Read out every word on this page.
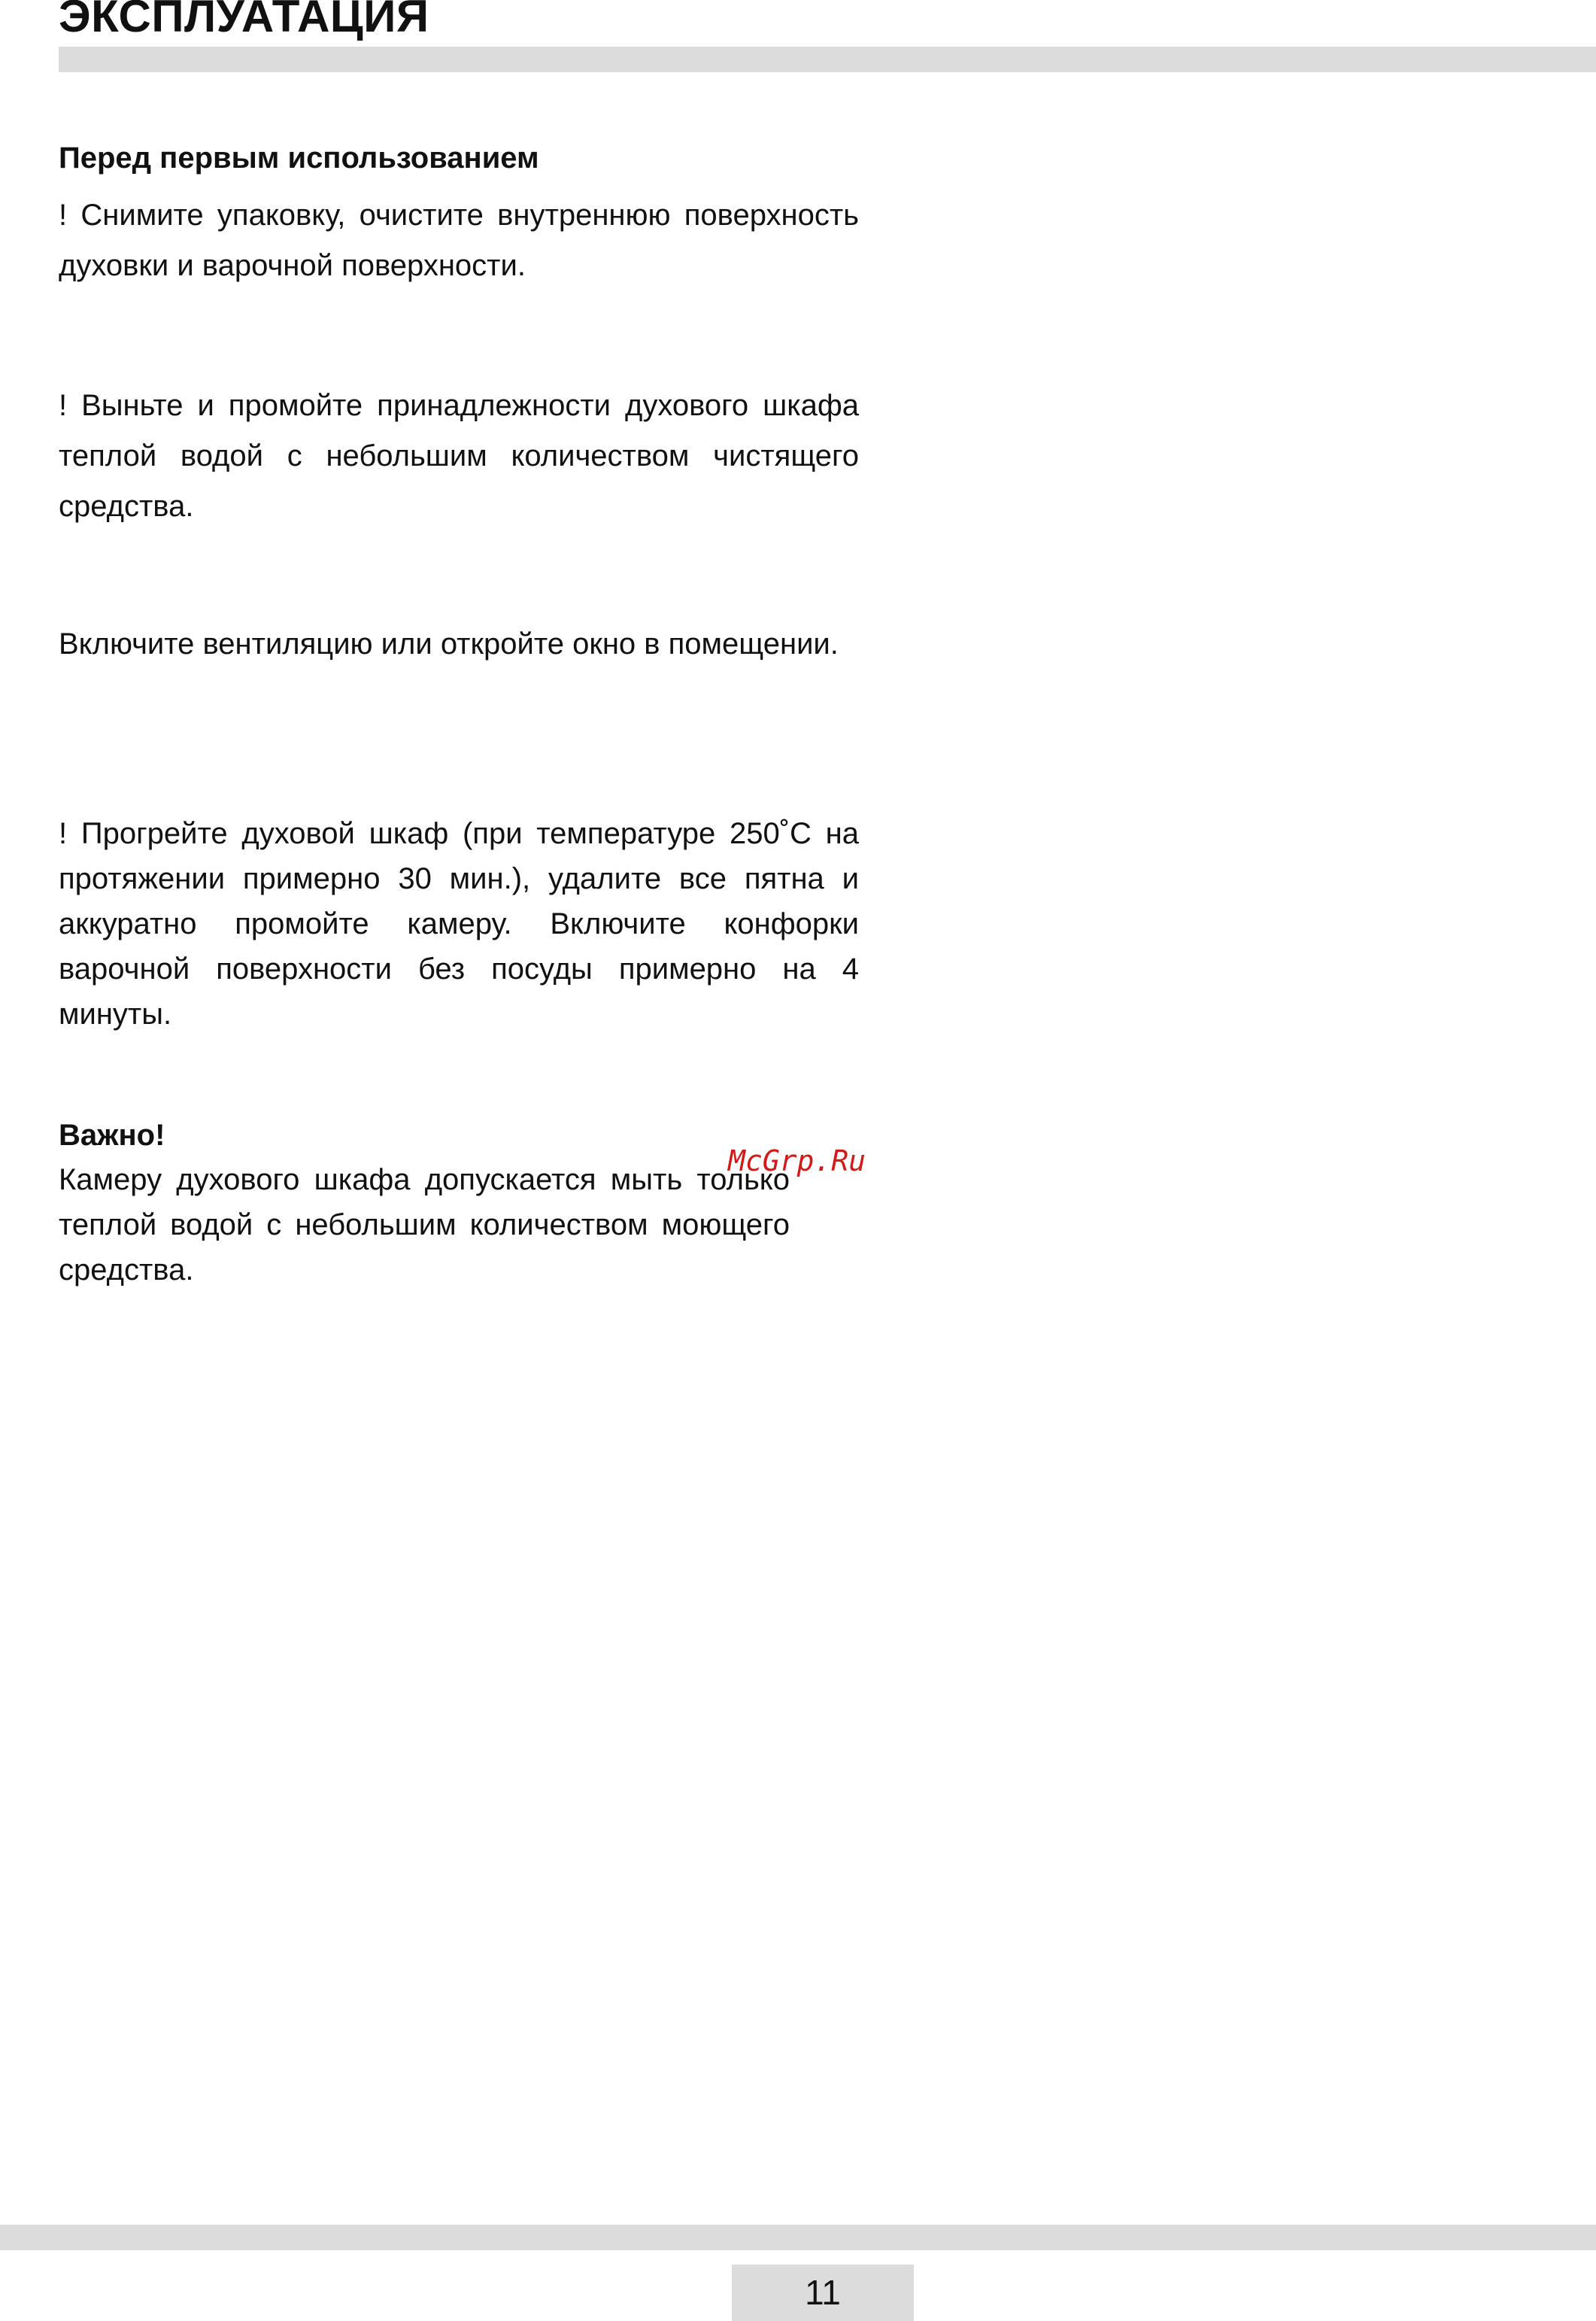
ЭКСПЛУАТАЦИЯ
Перед первым использованием

! Снимите упаковку, очистите внутреннюю поверхность духовки и варочной поверхности.

! Выньте и промойте принадлежности духового шкафа теплой водой с небольшим количеством чистящего средства.

Включите вентиляцию или откройте окно в помещении.

! Прогрейте духовой шкаф (при температуре 250˚С на протяжении примерно 30 мин.), удалите все пятна и аккуратно промойте камеру. Включите конфорки варочной поверхности без посуды примерно на 4 минуты.

Важно!

Камеру духового шкафа допускается мыть только теплой водой с небольшим количеством моющего средства.

McGrp.Ru
11
